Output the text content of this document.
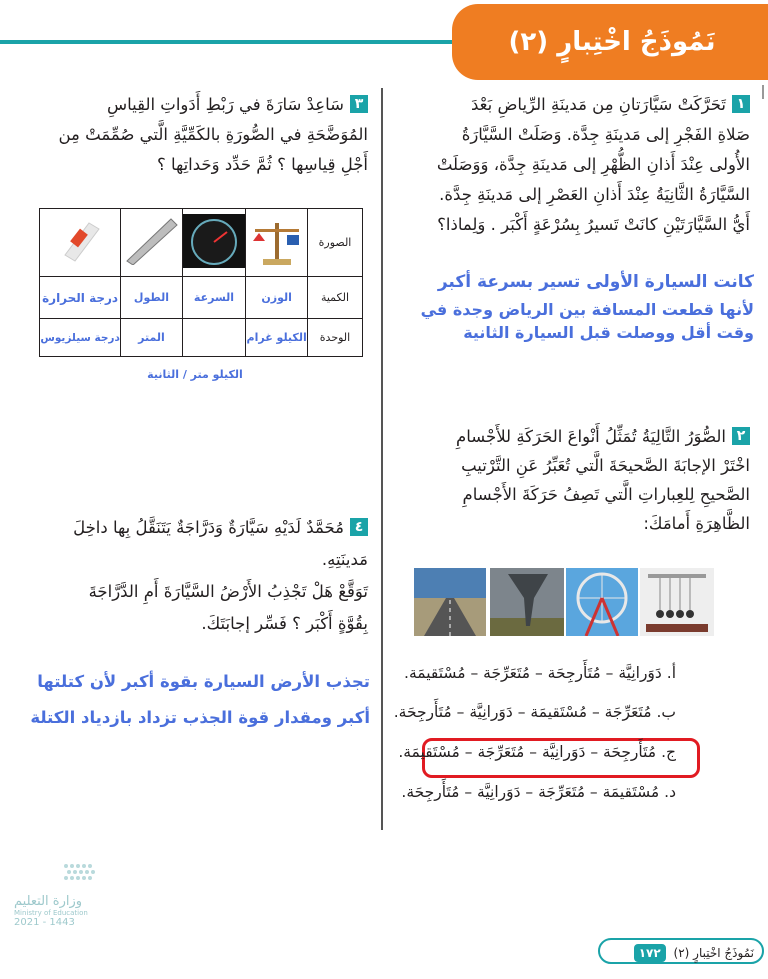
نَمُوذَجُ اخْتِبارٍ (٢)
١تَحَرَّكَتْ سَيَّارَتانِ مِن مَدينَةِ الرِّياضِ بَعْدَ
صَلاةِ الفَجْرِ إلى مَدينَةِ جِدَّة. وَصَلَتْ السَّيَّارَةُ
الأُولى عِنْدَ أَذانِ الظُّهْرِ إلى مَدينَةِ جِدَّة، وَوَصَلَتْ
السَّيَّارَةُ الثَّانِيَةُ عِنْدَ أَذانِ العَصْرِ إلى مَدينَةِ جِدَّة.
أَيُّ السَّيَّارَتَيْنِ كانَتْ تَسيرُ بِسُرْعَةٍ أَكْبَر . وَلِماذا؟
كانت السيارة الأولى تسير بسرعة أكبر
لأنها قطعت المسافة بين الرياض وجدة في
وقت أقل ووصلت قبل السيارة الثانية
٢الصُّوَرُ التَّالِيَةُ تُمَثِّلُ أَنْواعَ الحَرَكَةِ للأَجْسامِ
اخْتَرْ الإجابَةَ الصَّحيحَةَ الَّتي تُعَبِّرُ عَنِ التَّرْتيبِ
الصَّحيحِ لِلعِباراتِ الَّتي تَصِفُ حَرَكَةَ الأَجْسامِ
الظَّاهِرَةِ أَمامَكَ:
أ. دَوَرانِيَّة – مُتَأَرجِحَة – مُتَعَرِّجَة – مُسْتَقيمَة.
ب. مُتَعَرِّجَة – مُسْتَقيمَة – دَوَرانِيَّة – مُتَأَرجِحَة.
ج. مُتَأَرجِحَة – دَوَرانِيَّة – مُتَعَرِّجَة – مُسْتَقيمَة.
د. مُسْتَقيمَة – مُتَعَرِّجَة – دَوَرانِيَّة – مُتَأَرجِحَة.
٣سَاعِدْ سَارَةَ في رَبْطِ أَدَواتِ القِياسِ
المُوَضَّحَةِ في الصُّورَةِ بالكَمِّيَّةِ الَّتي صُمِّمَتْ مِن
أَجْلِ قِياسِها ؟ ثُمَّ حَدِّد وَحَداتِها ؟
الصورة				
الكمية	الوزن	السرعة	الطول	درجة الحرارة
الوحدة	الكيلو غرام		المتر	درجة سيلزيوس
الكيلو متر / الثانية
٤مُحَمَّدٌ لَدَيْهِ سَيَّارَةٌ وَدَرَّاجَةٌ يَتَنَقَّلُ بِها داخِلَ
مَدينَتِهِ.
تَوَقَّعْ هَلْ تَجْذِبُ الأَرْضُ السَّيَّارَةَ أَمِ الدَّرَّاجَةَ
بِقُوَّةٍ أَكْبَر ؟ فَسِّر إجابَتَكَ.
تجذب الأرض السيارة بقوة أكبر لأن كتلتها
أكبر ومقدار قوة الجذب تزداد بازدياد الكتلة
وزارة التعليم
Ministry of Education
2021 - 1443
نَمُوذَجُ اخْتِبارٍ (٢) ١٧٢
